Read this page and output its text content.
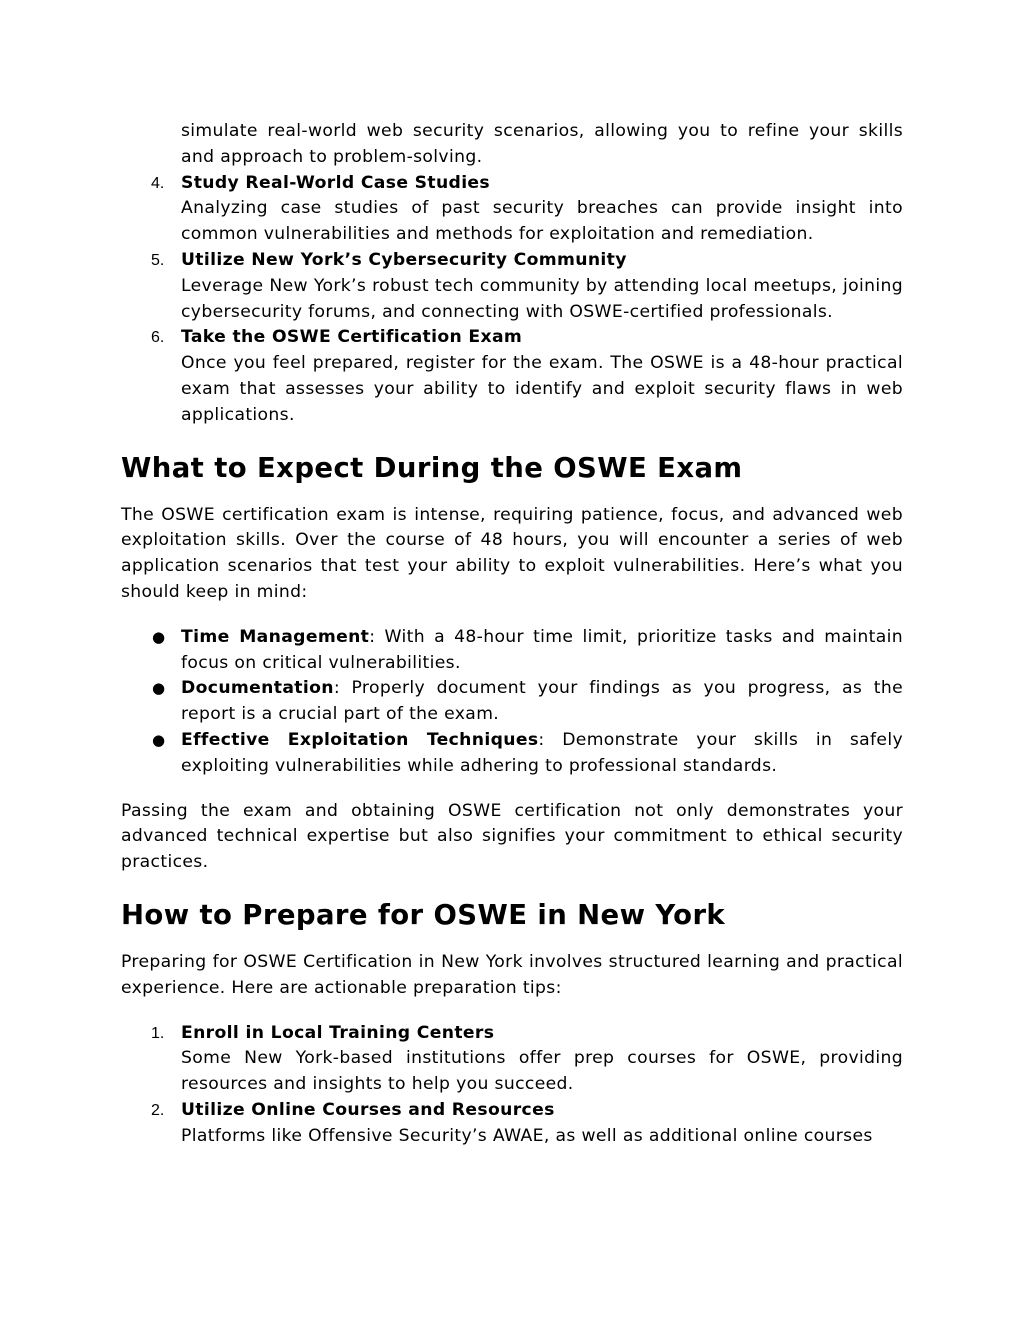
simulate real-world web security scenarios, allowing you to refine your skills and approach to problem-solving.

4. Study Real-World Case Studies
Analyzing case studies of past security breaches can provide insight into common vulnerabilities and methods for exploitation and remediation.
5. Utilize New York’s Cybersecurity Community
Leverage New York’s robust tech community by attending local meetups, joining cybersecurity forums, and connecting with OSWE-certified professionals.
6. Take the OSWE Certification Exam
Once you feel prepared, register for the exam. The OSWE is a 48-hour practical exam that assesses your ability to identify and exploit security flaws in web applications.
What to Expect During the OSWE Exam

The OSWE certification exam is intense, requiring patience, focus, and advanced web exploitation skills. Over the course of 48 hours, you will encounter a series of web application scenarios that test your ability to exploit vulnerabilities. Here’s what you should keep in mind:

● Time Management: With a 48-hour time limit, prioritize tasks and maintain focus on critical vulnerabilities.
● Documentation: Properly document your findings as you progress, as the report is a crucial part of the exam.
● Effective Exploitation Techniques: Demonstrate your skills in safely exploiting vulnerabilities while adhering to professional standards.

Passing the exam and obtaining OSWE certification not only demonstrates your advanced technical expertise but also signifies your commitment to ethical security practices.

How to Prepare for OSWE in New York

Preparing for OSWE Certification in New York involves structured learning and practical experience. Here are actionable preparation tips:

1. Enroll in Local Training Centers
Some New York-based institutions offer prep courses for OSWE, providing resources and insights to help you succeed.
2. Utilize Online Courses and Resources
Platforms like Offensive Security’s AWAE, as well as additional online courses
